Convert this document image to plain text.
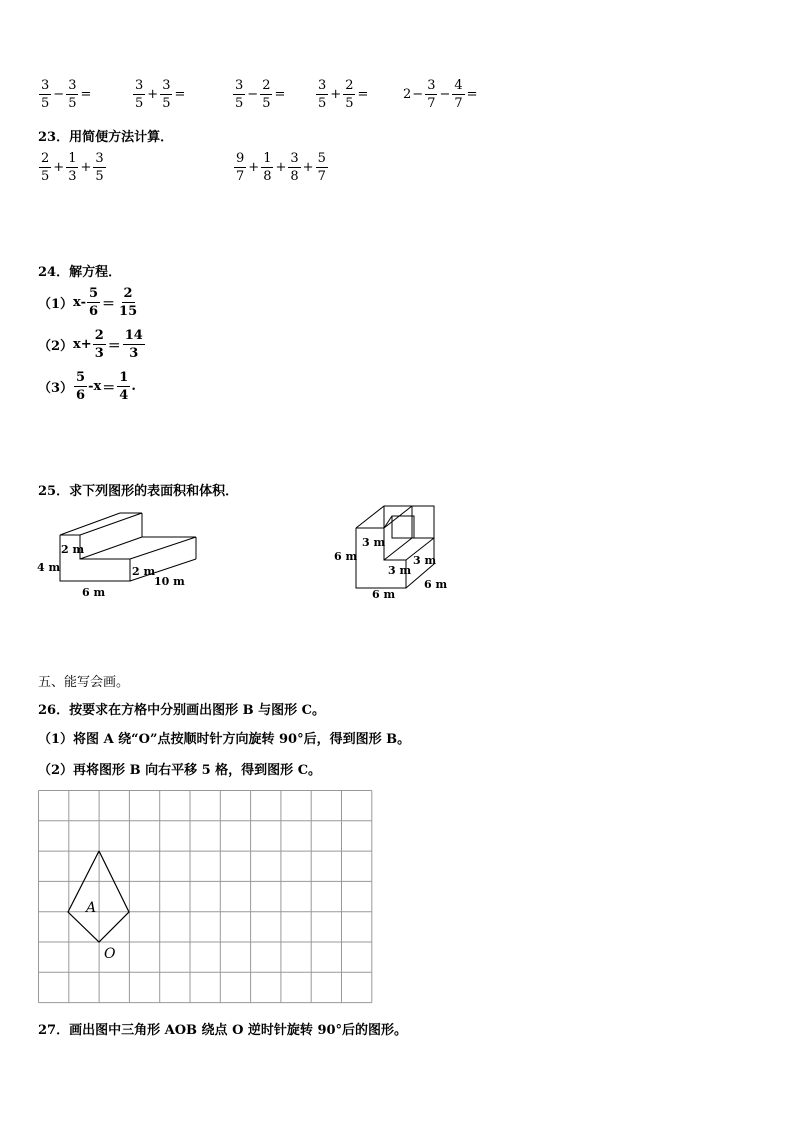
$\frac{3}{5} - \frac{3}{5}$ =	$\frac{3}{5} + \frac{3}{5}$ =	$\frac{3}{5} - \frac{2}{5} = \frac{3}{5} + \frac{2}{5}$ =	$2 - \frac{3}{7} - \frac{4}{7}$ =
23．用简便方法计算．
$\frac{2}{5} + \frac{1}{3} + \frac{3}{5}$	$\frac{9}{7} + \frac{1}{8} + \frac{3}{8} + \frac{5}{7}$
24．解方程．
（1） $x- \frac{5}{6} = \frac{2}{15}$
（2） $x+ \frac{2}{3} = \frac{14}{3}$
$(3) \frac{5}{6} -x = \frac{1}{4}$ .
25．求下列图形的表面积和体积．
2 m
4 m	2 m
10 m
6 m
3 m
6 m
3 m
3 m
6 m
6 m
五、能写会画。
26．按要求在方格中分别画出图形 B 与图形 C。
（1）将图 A 绕“O”点按顺时针方向旋转 90°后，得到图形 B。
（2）再将图形 B 向右平移 5 格，得到图形 C。
A
O
27．画出图中三角形 AOB 绕点 O 逆时针旋转 90°后的图形。
